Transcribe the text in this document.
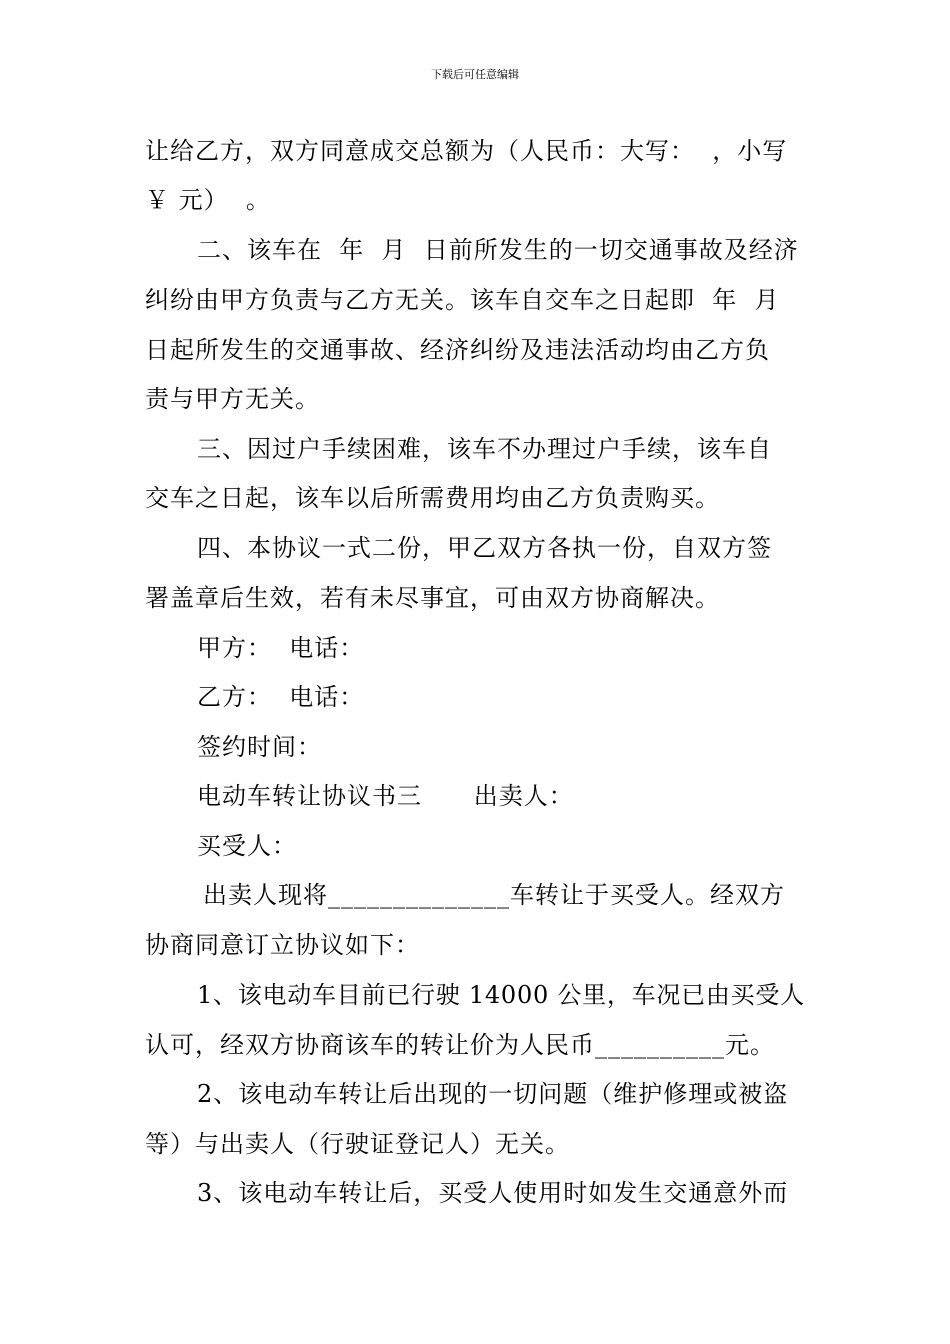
下载后可任意编辑
让给乙方，双方同意成交总额为（人民币：大写：  ，小写
￥ 元）  。
二、该车在  年  月  日前所发生的一切交通事故及经济
纠纷由甲方负责与乙方无关。该车自交车之日起即  年  月
日起所发生的交通事故、经济纠纷及违法活动均由乙方负
责与甲方无关。
三、因过户手续困难，该车不办理过户手续，该车自
交车之日起，该车以后所需费用均由乙方负责购买。
四、本协议一式二份，甲乙双方各执一份，自双方签
署盖章后生效，若有未尽事宜，可由双方协商解决。
甲方：  电话：
乙方：  电话：
签约时间：
电动车转让协议书三      出卖人：
买受人：
出卖人现将______________车转让于买受人。经双方
协商同意订立协议如下：
1、该电动车目前已行驶 14000 公里，车况已由买受人
认可，经双方协商该车的转让价为人民币__________元。
2、该电动车转让后出现的一切问题（维护修理或被盗
等）与出卖人（行驶证登记人）无关。
3、该电动车转让后，买受人使用时如发生交通意外而
